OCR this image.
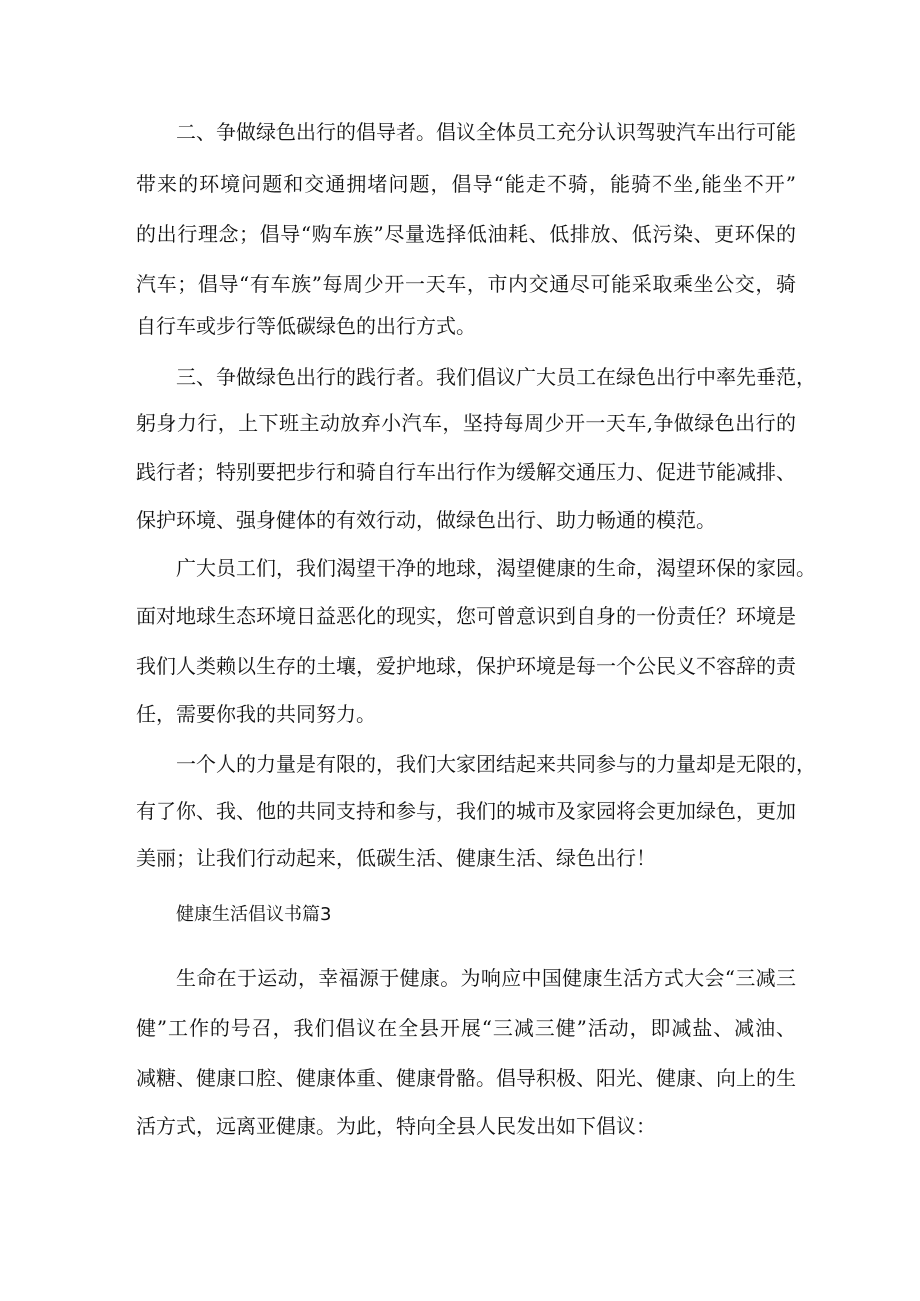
二、争做绿色出行的倡导者。倡议全体员工充分认识驾驶汽车出行可能
带来的环境问题和交通拥堵问题，倡导“能走不骑，能骑不坐,能坐不开”
的出行理念；倡导“购车族”尽量选择低油耗、低排放、低污染、更环保的
汽车；倡导“有车族”每周少开一天车，市内交通尽可能采取乘坐公交，骑
自行车或步行等低碳绿色的出行方式。
三、争做绿色出行的践行者。我们倡议广大员工在绿色出行中率先垂范，
躬身力行，上下班主动放弃小汽车，坚持每周少开一天车,争做绿色出行的
践行者；特别要把步行和骑自行车出行作为缓解交通压力、促进节能减排、
保护环境、强身健体的有效行动，做绿色出行、助力畅通的模范。
广大员工们，我们渴望干净的地球，渴望健康的生命，渴望环保的家园。
面对地球生态环境日益恶化的现实，您可曾意识到自身的一份责任？环境是
我们人类赖以生存的土壤，爱护地球，保护环境是每一个公民义不容辞的责
任，需要你我的共同努力。
一个人的力量是有限的，我们大家团结起来共同参与的力量却是无限的，
有了你、我、他的共同支持和参与，我们的城市及家园将会更加绿色，更加
美丽；让我们行动起来，低碳生活、健康生活、绿色出行！
健康生活倡议书篇3
生命在于运动，幸福源于健康。为响应中国健康生活方式大会“三减三
健”工作的号召，我们倡议在全县开展“三减三健”活动，即减盐、减油、
减糖、健康口腔、健康体重、健康骨骼。倡导积极、阳光、健康、向上的生
活方式，远离亚健康。为此，特向全县人民发出如下倡议：
